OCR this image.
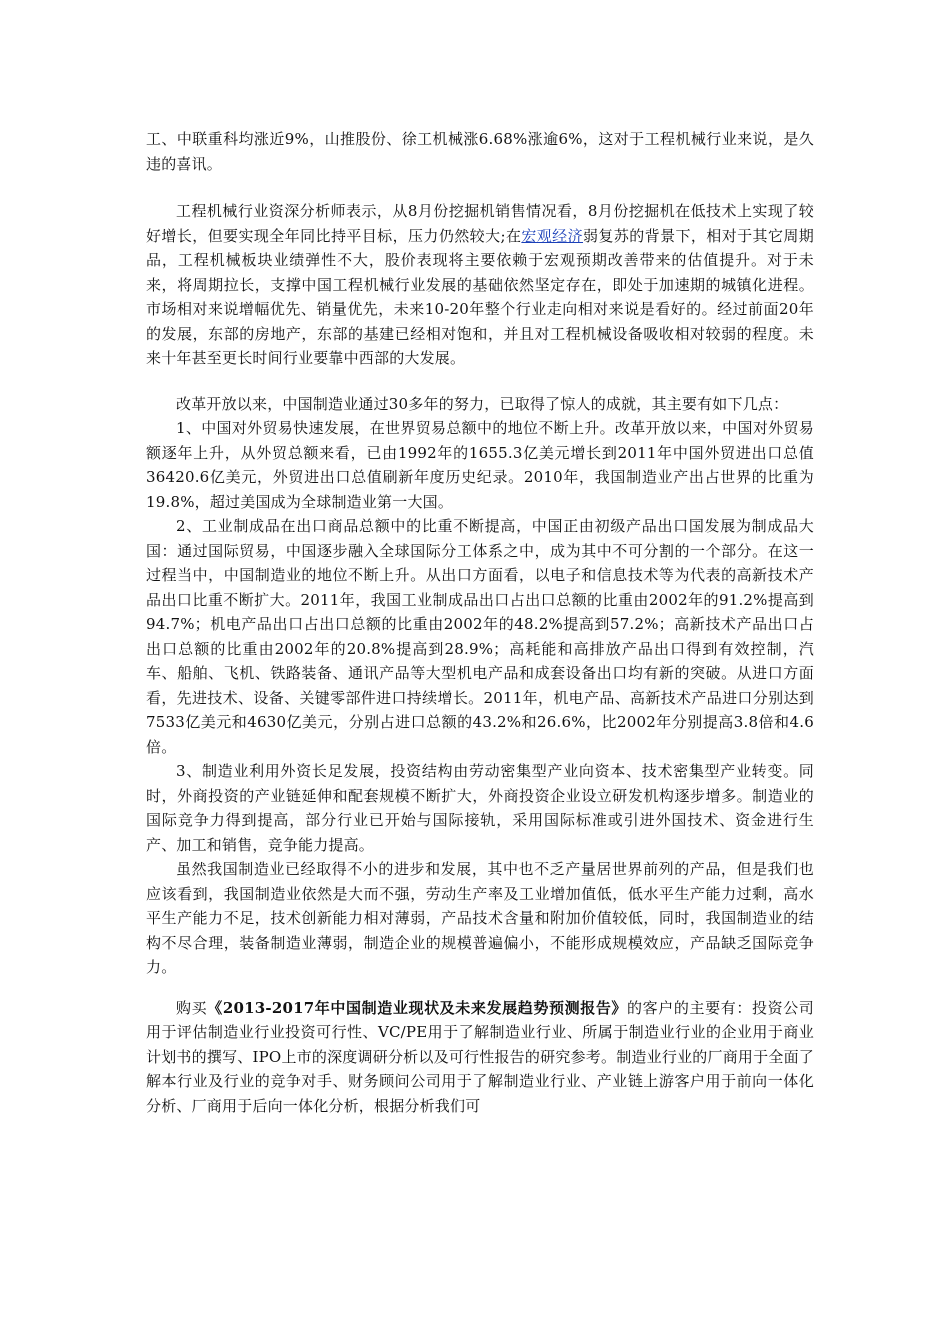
工、中联重科均涨近9%，山推股份、徐工机械涨6.68%涨逾6%，这对于工程机械行业来说，是久违的喜讯。

工程机械行业资深分析师表示，从8月份挖掘机销售情况看，8月份挖掘机在低技术上实现了较好增长，但要实现全年同比持平目标，压力仍然较大;在宏观经济弱复苏的背景下，相对于其它周期品，工程机械板块业绩弹性不大，股价表现将主要依赖于宏观预期改善带来的估值提升。对于未来，将周期拉长，支撑中国工程机械行业发展的基础依然坚定存在，即处于加速期的城镇化进程。市场相对来说增幅优先、销量优先，未来10-20年整个行业走向相对来说是看好的。经过前面20年的发展，东部的房地产，东部的基建已经相对饱和，并且对工程机械设备吸收相对较弱的程度。未来十年甚至更长时间行业要靠中西部的大发展。

改革开放以来，中国制造业通过30多年的努力，已取得了惊人的成就，其主要有如下几点：

1、中国对外贸易快速发展，在世界贸易总额中的地位不断上升。改革开放以来，中国对外贸易额逐年上升，从外贸总额来看，已由1992年的1655.3亿美元增长到2011年中国外贸进出口总值36420.6亿美元，外贸进出口总值刷新年度历史纪录。2010年，我国制造业产出占世界的比重为19.8%，超过美国成为全球制造业第一大国。

2、工业制成品在出口商品总额中的比重不断提高，中国正由初级产品出口国发展为制成品大国：通过国际贸易，中国逐步融入全球国际分工体系之中，成为其中不可分割的一个部分。在这一过程当中，中国制造业的地位不断上升。从出口方面看，以电子和信息技术等为代表的高新技术产品出口比重不断扩大。2011年，我国工业制成品出口占出口总额的比重由2002年的91.2%提高到94.7%；机电产品出口占出口总额的比重由2002年的48.2%提高到57.2%；高新技术产品出口占出口总额的比重由2002年的20.8%提高到28.9%；高耗能和高排放产品出口得到有效控制，汽车、船舶、飞机、铁路装备、通讯产品等大型机电产品和成套设备出口均有新的突破。从进口方面看，先进技术、设备、关键零部件进口持续增长。2011年，机电产品、高新技术产品进口分别达到7533亿美元和4630亿美元，分别占进口总额的43.2%和26.6%，比2002年分别提高3.8倍和4.6倍。

3、制造业利用外资长足发展，投资结构由劳动密集型产业向资本、技术密集型产业转变。同时，外商投资的产业链延伸和配套规模不断扩大，外商投资企业设立研发机构逐步增多。制造业的国际竞争力得到提高，部分行业已开始与国际接轨，采用国际标准或引进外国技术、资金进行生产、加工和销售，竞争能力提高。

虽然我国制造业已经取得不小的进步和发展，其中也不乏产量居世界前列的产品，但是我们也应该看到，我国制造业依然是大而不强，劳动生产率及工业增加值低，低水平生产能力过剩，高水平生产能力不足，技术创新能力相对薄弱，产品技术含量和附加价值较低，同时，我国制造业的结构不尽合理，装备制造业薄弱，制造企业的规模普遍偏小，不能形成规模效应，产品缺乏国际竞争力。

购买《2013-2017年中国制造业现状及未来发展趋势预测报告》的客户的主要有：投资公司用于评估制造业行业投资可行性、VC/PE用于了解制造业行业、所属于制造业行业的企业用于商业计划书的撰写、IPO上市的深度调研分析以及可行性报告的研究参考。制造业行业的厂商用于全面了解本行业及行业的竞争对手、财务顾问公司用于了解制造业行业、产业链上游客户用于前向一体化分析、厂商用于后向一体化分析，根据分析我们可
